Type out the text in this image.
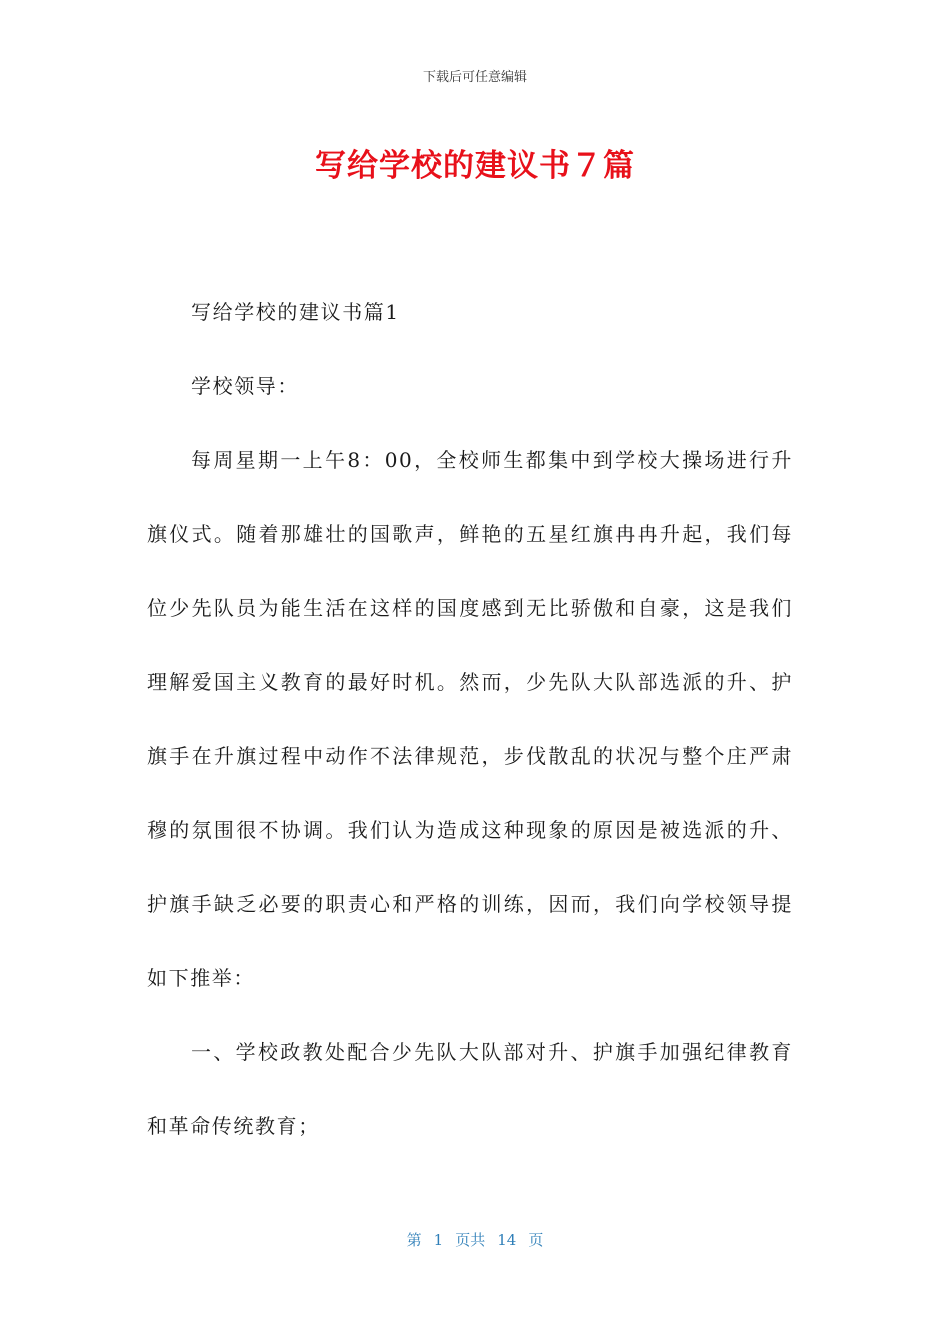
下载后可任意编辑
写给学校的建议书７篇

写给学校的建议书篇1

学校领导：

每周星期一上午8：00，全校师生都集中到学校大操场进行升旗仪式。随着那雄壮的国歌声，鲜艳的五星红旗冉冉升起，我们每位少先队员为能生活在这样的国度感到无比骄傲和自豪，这是我们理解爱国主义教育的最好时机。然而，少先队大队部选派的升、护旗手在升旗过程中动作不法律规范，步伐散乱的状况与整个庄严肃穆的氛围很不协调。我们认为造成这种现象的原因是被选派的升、护旗手缺乏必要的职责心和严格的训练，因而，我们向学校领导提如下推举：

一、学校政教处配合少先队大队部对升、护旗手加强纪律教育和革命传统教育；

第 1 页共 14 页
